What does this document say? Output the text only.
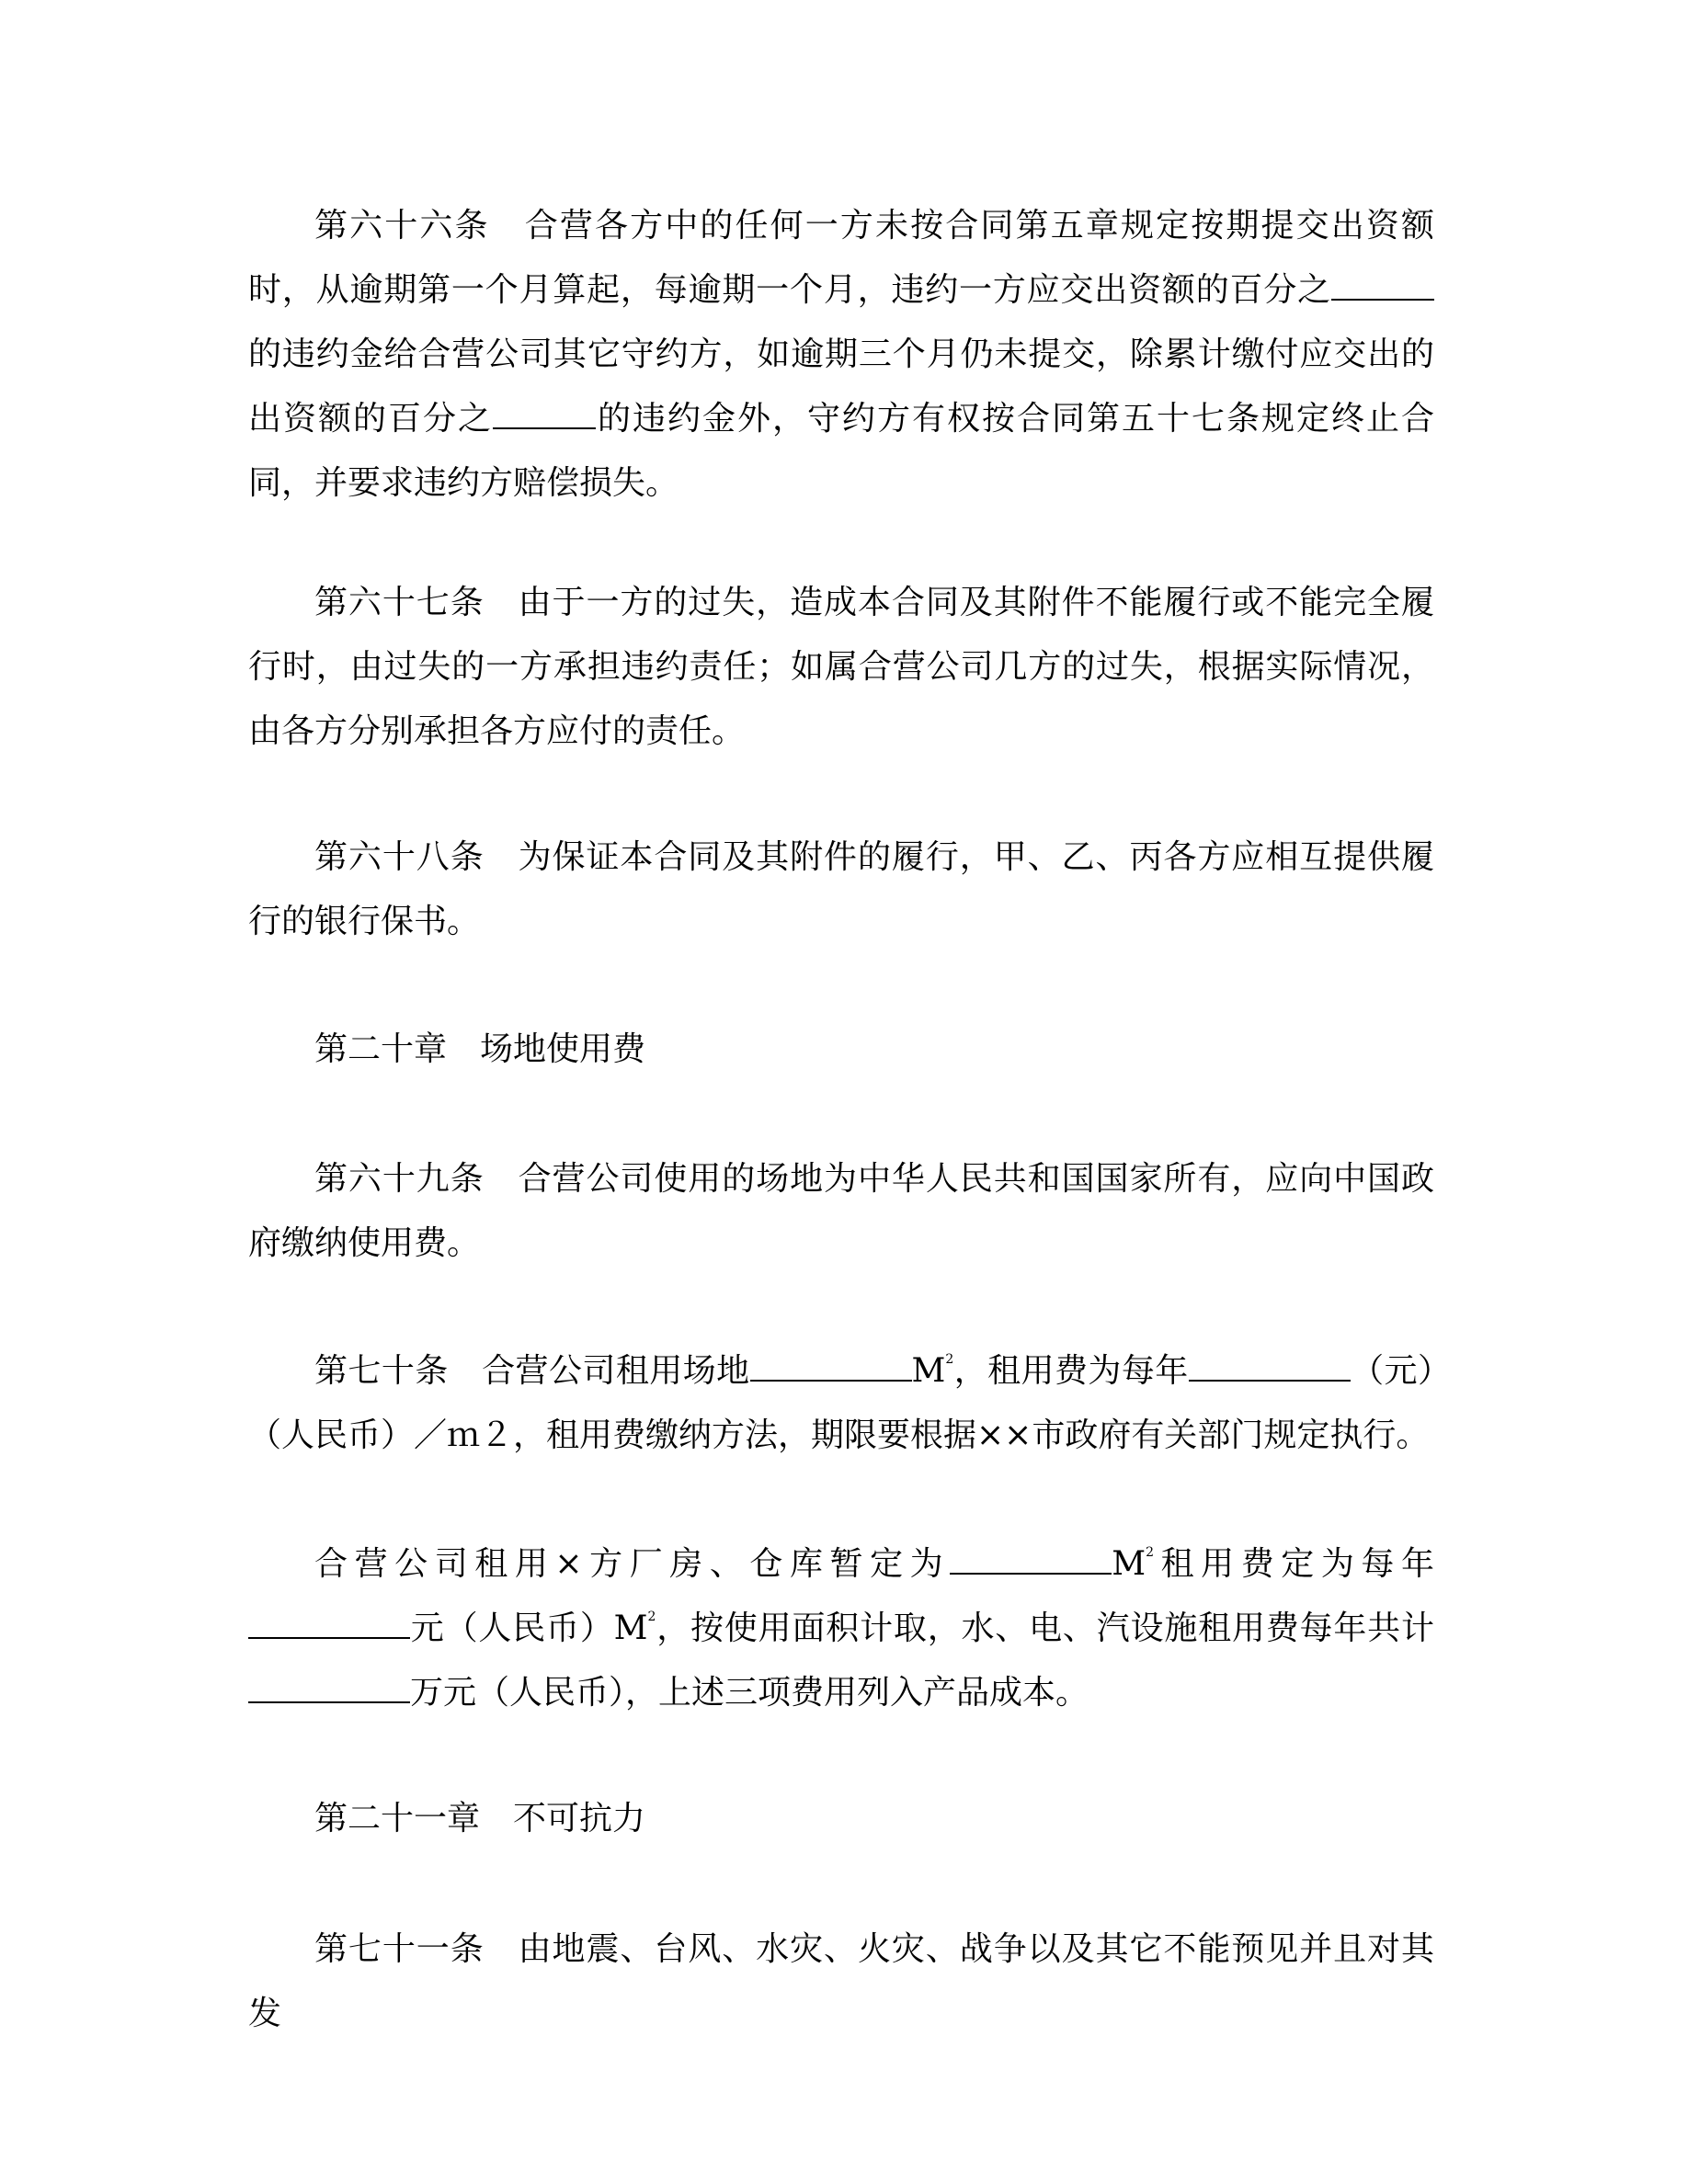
第六十六条 合营各方中的任何一方未按合同第五章规定按期提交出资额时，从逾期第一个月算起，每逾期一个月，违约一方应交出资额的百分之的违约金给合营公司其它守约方，如逾期三个月仍未提交，除累计缴付应交出的出资额的百分之	的违约金外，守约方有权按合同第五十七条规定终止合同，并要求违约方赔偿损失。

第六十七条 由于一方的过失，造成本合同及其附件不能履行或不能完全履行时，由过失的一方承担违约责任；如属合营公司几方的过失，根据实际情况，由各方分别承担各方应付的责任。

第六十八条 为保证本合同及其附件的履行，甲、乙、丙各方应相互提供履行的银行保书。

第二十章 场地使用费

第六十九条 合营公司使用的场地为中华人民共和国国家所有，应向中国政府缴纳使用费。

第七十条 合营公司租用场地	$M^2$，租用费为每年	（元）（人民币）／ｍ２，租用费缴纳方法，期限要根据××市政府有关部门规定执行。

合营公司租用×方厂房、仓库暂定为	$M^2$租用费定为每年元（人民币）$M^2$，按使用面积计取，水、电、汽设施租用费每年共计万元（人民币），上述三项费用列入产品成本。

第二十一章 不可抗力

第七十一条 由地震、台风、水灾、火灾、战争以及其它不能预见并且对其发
